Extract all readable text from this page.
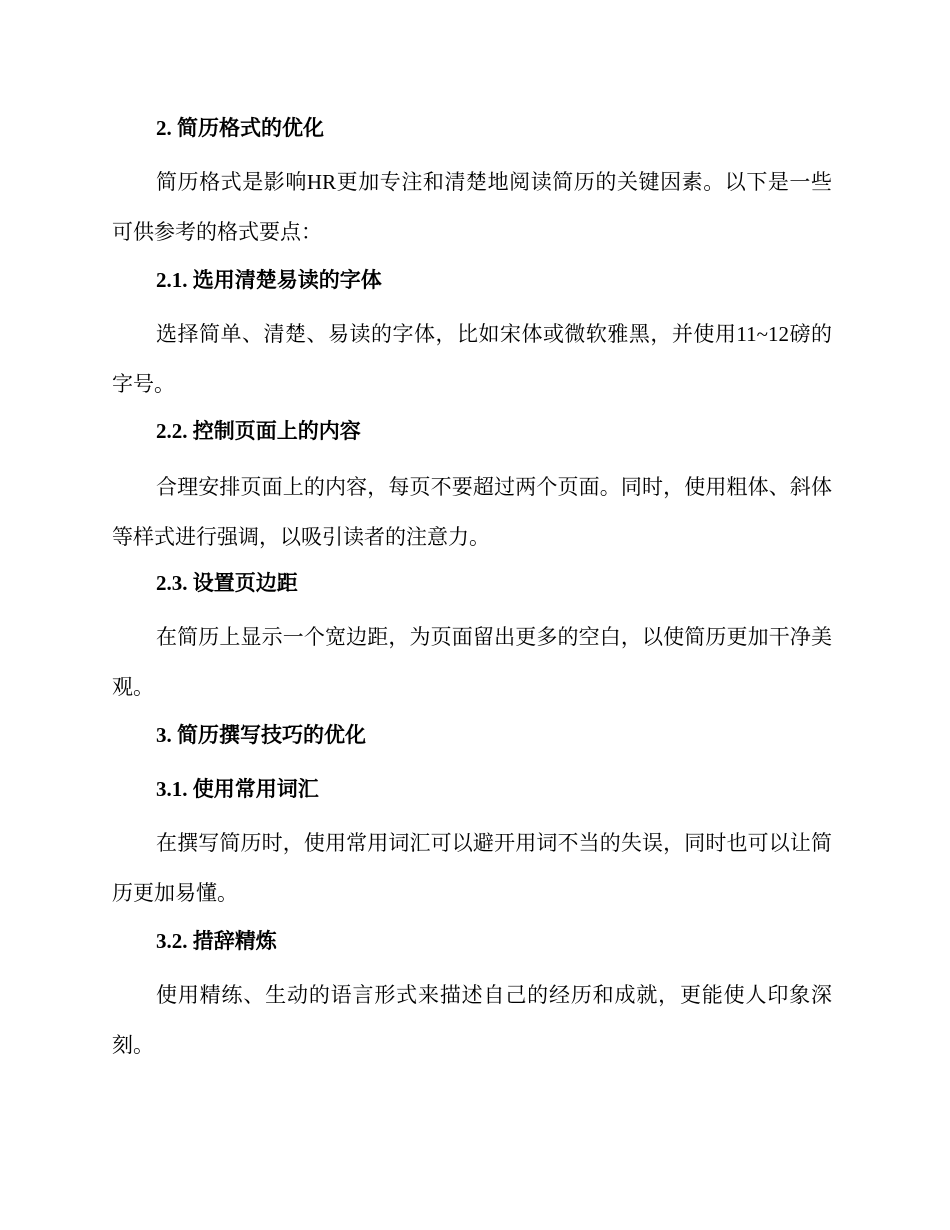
2. 简历格式的优化

简历格式是影响HR更加专注和清楚地阅读简历的关键因素。以下是一些可供参考的格式要点：

2.1. 选用清楚易读的字体

选择简单、清楚、易读的字体，比如宋体或微软雅黑，并使用11~12磅的字号。

2.2. 控制页面上的内容

合理安排页面上的内容，每页不要超过两个页面。同时，使用粗体、斜体等样式进行强调，以吸引读者的注意力。

2.3. 设置页边距

在简历上显示一个宽边距，为页面留出更多的空白，以使简历更加干净美观。

3. 简历撰写技巧的优化
3.1. 使用常用词汇

在撰写简历时，使用常用词汇可以避开用词不当的失误，同时也可以让简历更加易懂。

3.2. 措辞精炼

使用精练、生动的语言形式来描述自己的经历和成就，更能使人印象深刻。
